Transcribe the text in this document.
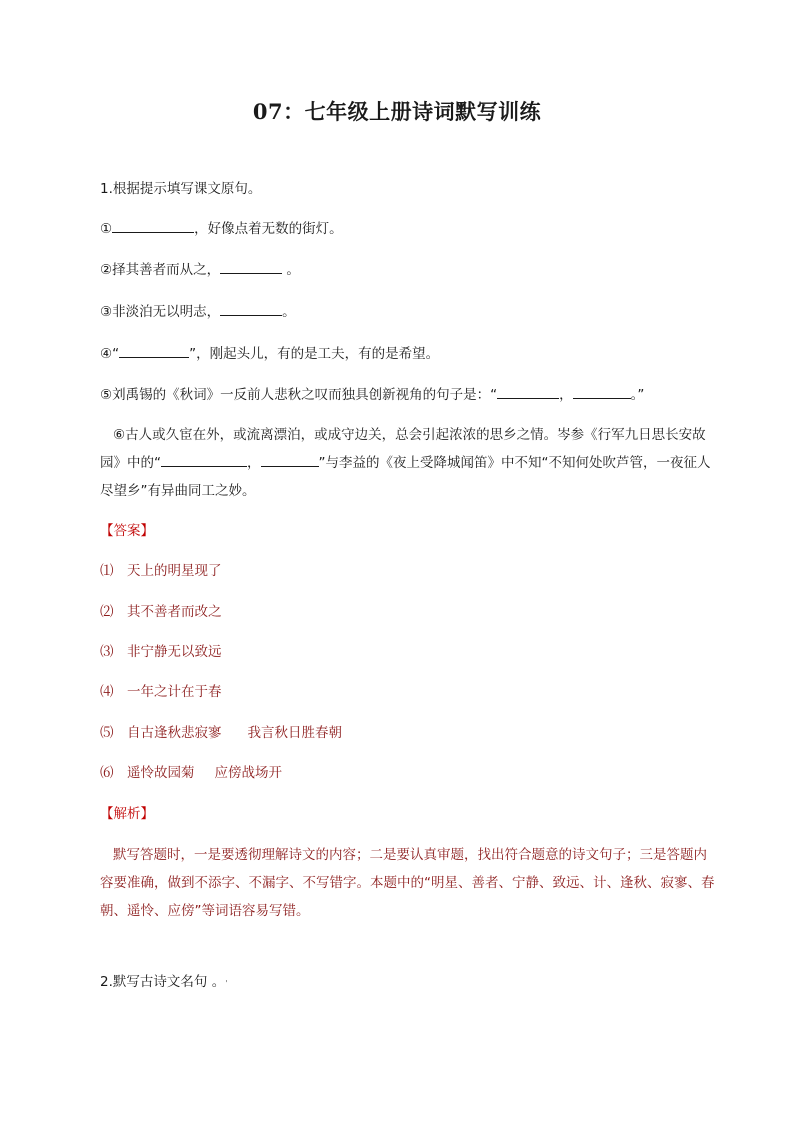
07：七年级上册诗词默写训练
1.根据提示填写课文原句。
①	，好像点着无数的街灯。
②择其善者而从之，	。
③非淡泊无以明志，	。
④“	”，刚起头儿，有的是工夫，有的是希望。
⑤刘禹锡的《秋词》一反前人悲秋之叹而独具创新视角的句子是：“	，	。”
⑥古人或久宦在外，或流离漂泊，或成守边关，总会引起浓浓的思乡之情。岑参《行军九日思长安故
园》中的“	，	”与李益的《夜上受降城闻笛》中不知“不知何处吹芦管，一夜征人
尽望乡”有异曲同工之妙。
【答案】
⑴ 天上的明星现了
⑵ 其不善者而改之
⑶ 非宁静无以致远
⑷ 一年之计在于春
⑸ 自古逢秋悲寂寥 我言秋日胜春朝
⑹ 遥怜故园菊 应傍战场开
【解析】
默写答题时，一是要透彻理解诗文的内容；二是要认真审题，找出符合题意的诗文句子；三是答题内
容要准确，做到不添字、不漏字、不写错字。本题中的“明星、善者、宁静、致远、计、逢秋、寂寥、春
朝、遥怜、应傍”等词语容易写错。
2.默写古诗文名句 。'
